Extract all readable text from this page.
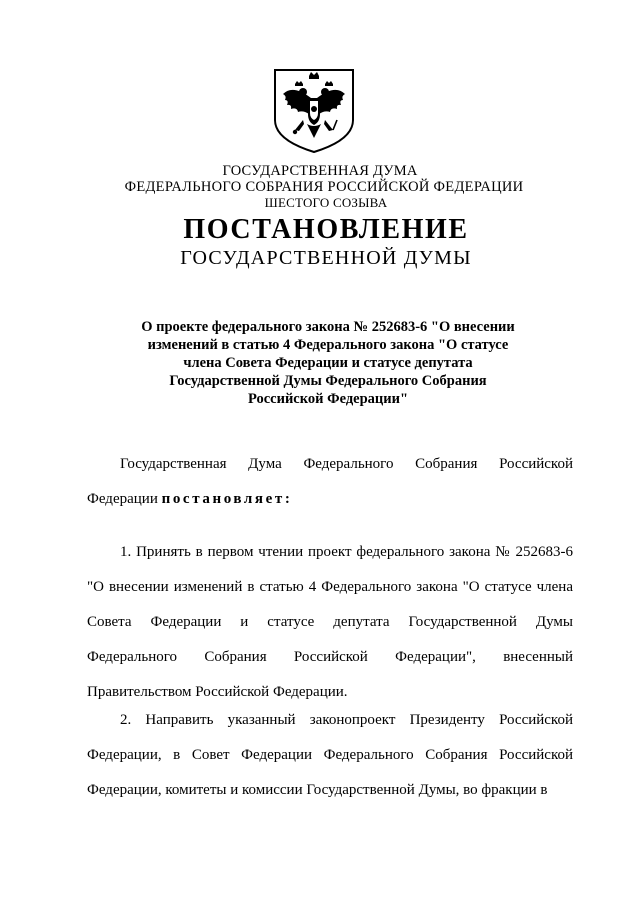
ГОСУДАРСТВЕННАЯ ДУМА
ФЕДЕРАЛЬНОГО СОБРАНИЯ РОССИЙСКОЙ ФЕДЕРАЦИИ
ШЕСТОГО СОЗЫВА
ПОСТАНОВЛЕНИЕ
ГОСУДАРСТВЕННОЙ ДУМЫ
О проекте федерального закона № 252683-6 "О внесении
изменений в статью 4 Федерального закона "О статусе
члена Совета Федерации и статусе депутата
Государственной Думы Федерального Собрания
Российской Федерации"
Государственная Дума Федерального Собрания Российской Федерации постановляет:
1. Принять в первом чтении проект федерального закона № 252683-6 "О внесении изменений в статью 4 Федерального закона "О статусе члена Совета Федерации и статусе депутата Государственной Думы Федерального Собрания Российской Федерации", внесенный Правительством Российской Федерации.
2. Направить указанный законопроект Президенту Российской Федерации, в Совет Федерации Федерального Собрания Российской Федерации, комитеты и комиссии Государственной Думы, во фракции в
